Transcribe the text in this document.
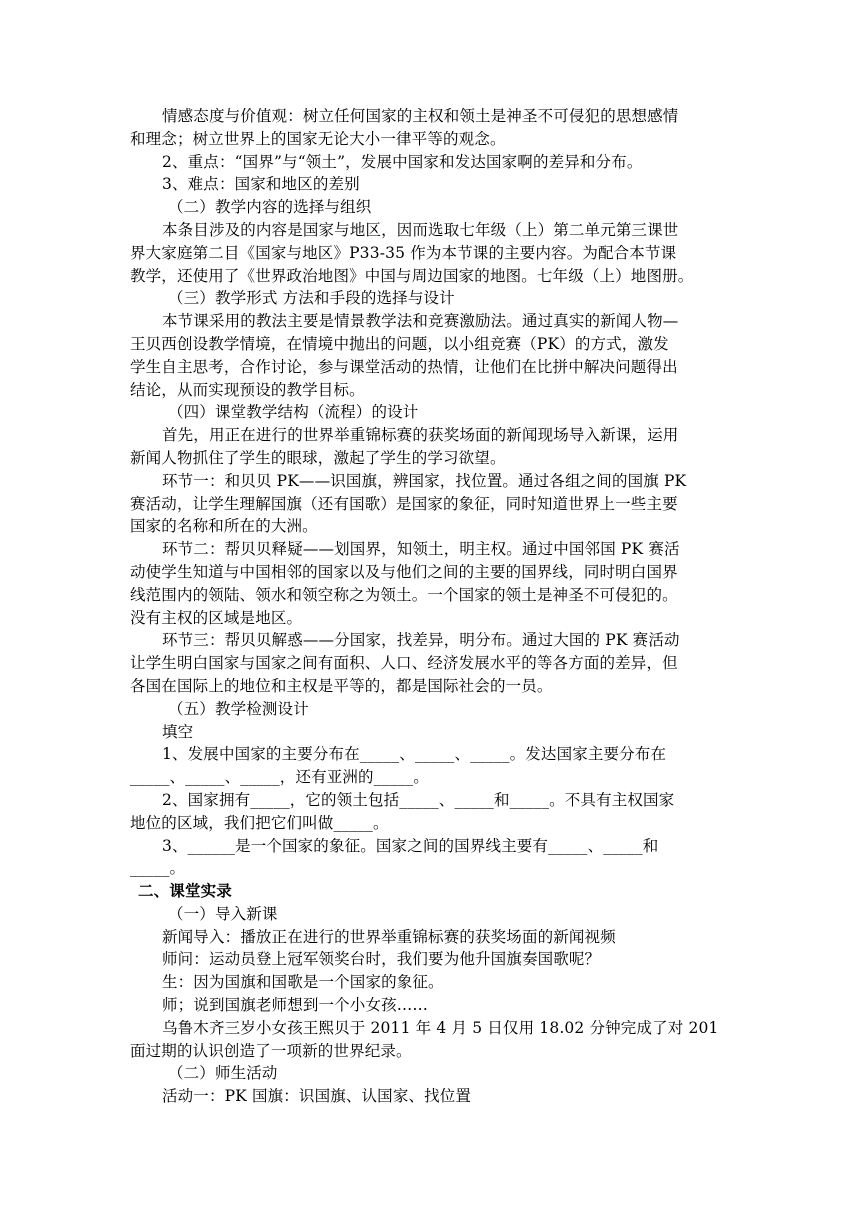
情感态度与价值观：树立任何国家的主权和领土是神圣不可侵犯的思想感情
和理念；树立世界上的国家无论大小一律平等的观念。
2、重点：“国界”与“领土”，发展中国家和发达国家啊的差异和分布。
3、难点：国家和地区的差别
（二）教学内容的选择与组织
本条目涉及的内容是国家与地区，因而选取七年级（上）第二单元第三课世
界大家庭第二目《国家与地区》P33-35 作为本节课的主要内容。为配合本节课
教学，还使用了《世界政治地图》中国与周边国家的地图。七年级（上）地图册。
（三）教学形式 方法和手段的选择与设计
本节课采用的教法主要是情景教学法和竞赛激励法。通过真实的新闻人物—
王贝西创设教学情境，在情境中抛出的问题，以小组竞赛（PK）的方式，激发
学生自主思考，合作讨论，参与课堂活动的热情，让他们在比拼中解决问题得出
结论，从而实现预设的教学目标。
（四）课堂教学结构（流程）的设计
首先，用正在进行的世界举重锦标赛的获奖场面的新闻现场导入新课，运用
新闻人物抓住了学生的眼球，激起了学生的学习欲望。
环节一：和贝贝 PK——识国旗，辨国家，找位置。通过各组之间的国旗 PK
赛活动，让学生理解国旗（还有国歌）是国家的象征，同时知道世界上一些主要
国家的名称和所在的大洲。
环节二：帮贝贝释疑——划国界，知领土，明主权。通过中国邻国 PK 赛活
动使学生知道与中国相邻的国家以及与他们之间的主要的国界线，同时明白国界
线范围内的领陆、领水和领空称之为领土。一个国家的领土是神圣不可侵犯的。
没有主权的区域是地区。
环节三：帮贝贝解惑——分国家，找差异，明分布。通过大国的 PK 赛活动
让学生明白国家与国家之间有面积、人口、经济发展水平的等各方面的差异，但
各国在国际上的地位和主权是平等的，都是国际社会的一员。
（五）教学检测设计
填空
1、发展中国家的主要分布在_____、_____、_____。发达国家主要分布在
_____、_____、_____，还有亚洲的_____。
2、国家拥有_____，它的领土包括_____、_____和_____。不具有主权国家
地位的区域，我们把它们叫做_____。
3、______是一个国家的象征。国家之间的国界线主要有_____、_____和
_____。
二、课堂实录
（一）导入新课
新闻导入：播放正在进行的世界举重锦标赛的获奖场面的新闻视频
师问：运动员登上冠军领奖台时，我们要为他升国旗奏国歌呢？
生：因为国旗和国歌是一个国家的象征。
师；说到国旗老师想到一个小女孩……
乌鲁木齐三岁小女孩王熙贝于 2011 年 4 月 5 日仅用 18.02 分钟完成了对 201
面过期的认识创造了一项新的世界纪录。
（二）师生活动
活动一：PK 国旗：识国旗、认国家、找位置
